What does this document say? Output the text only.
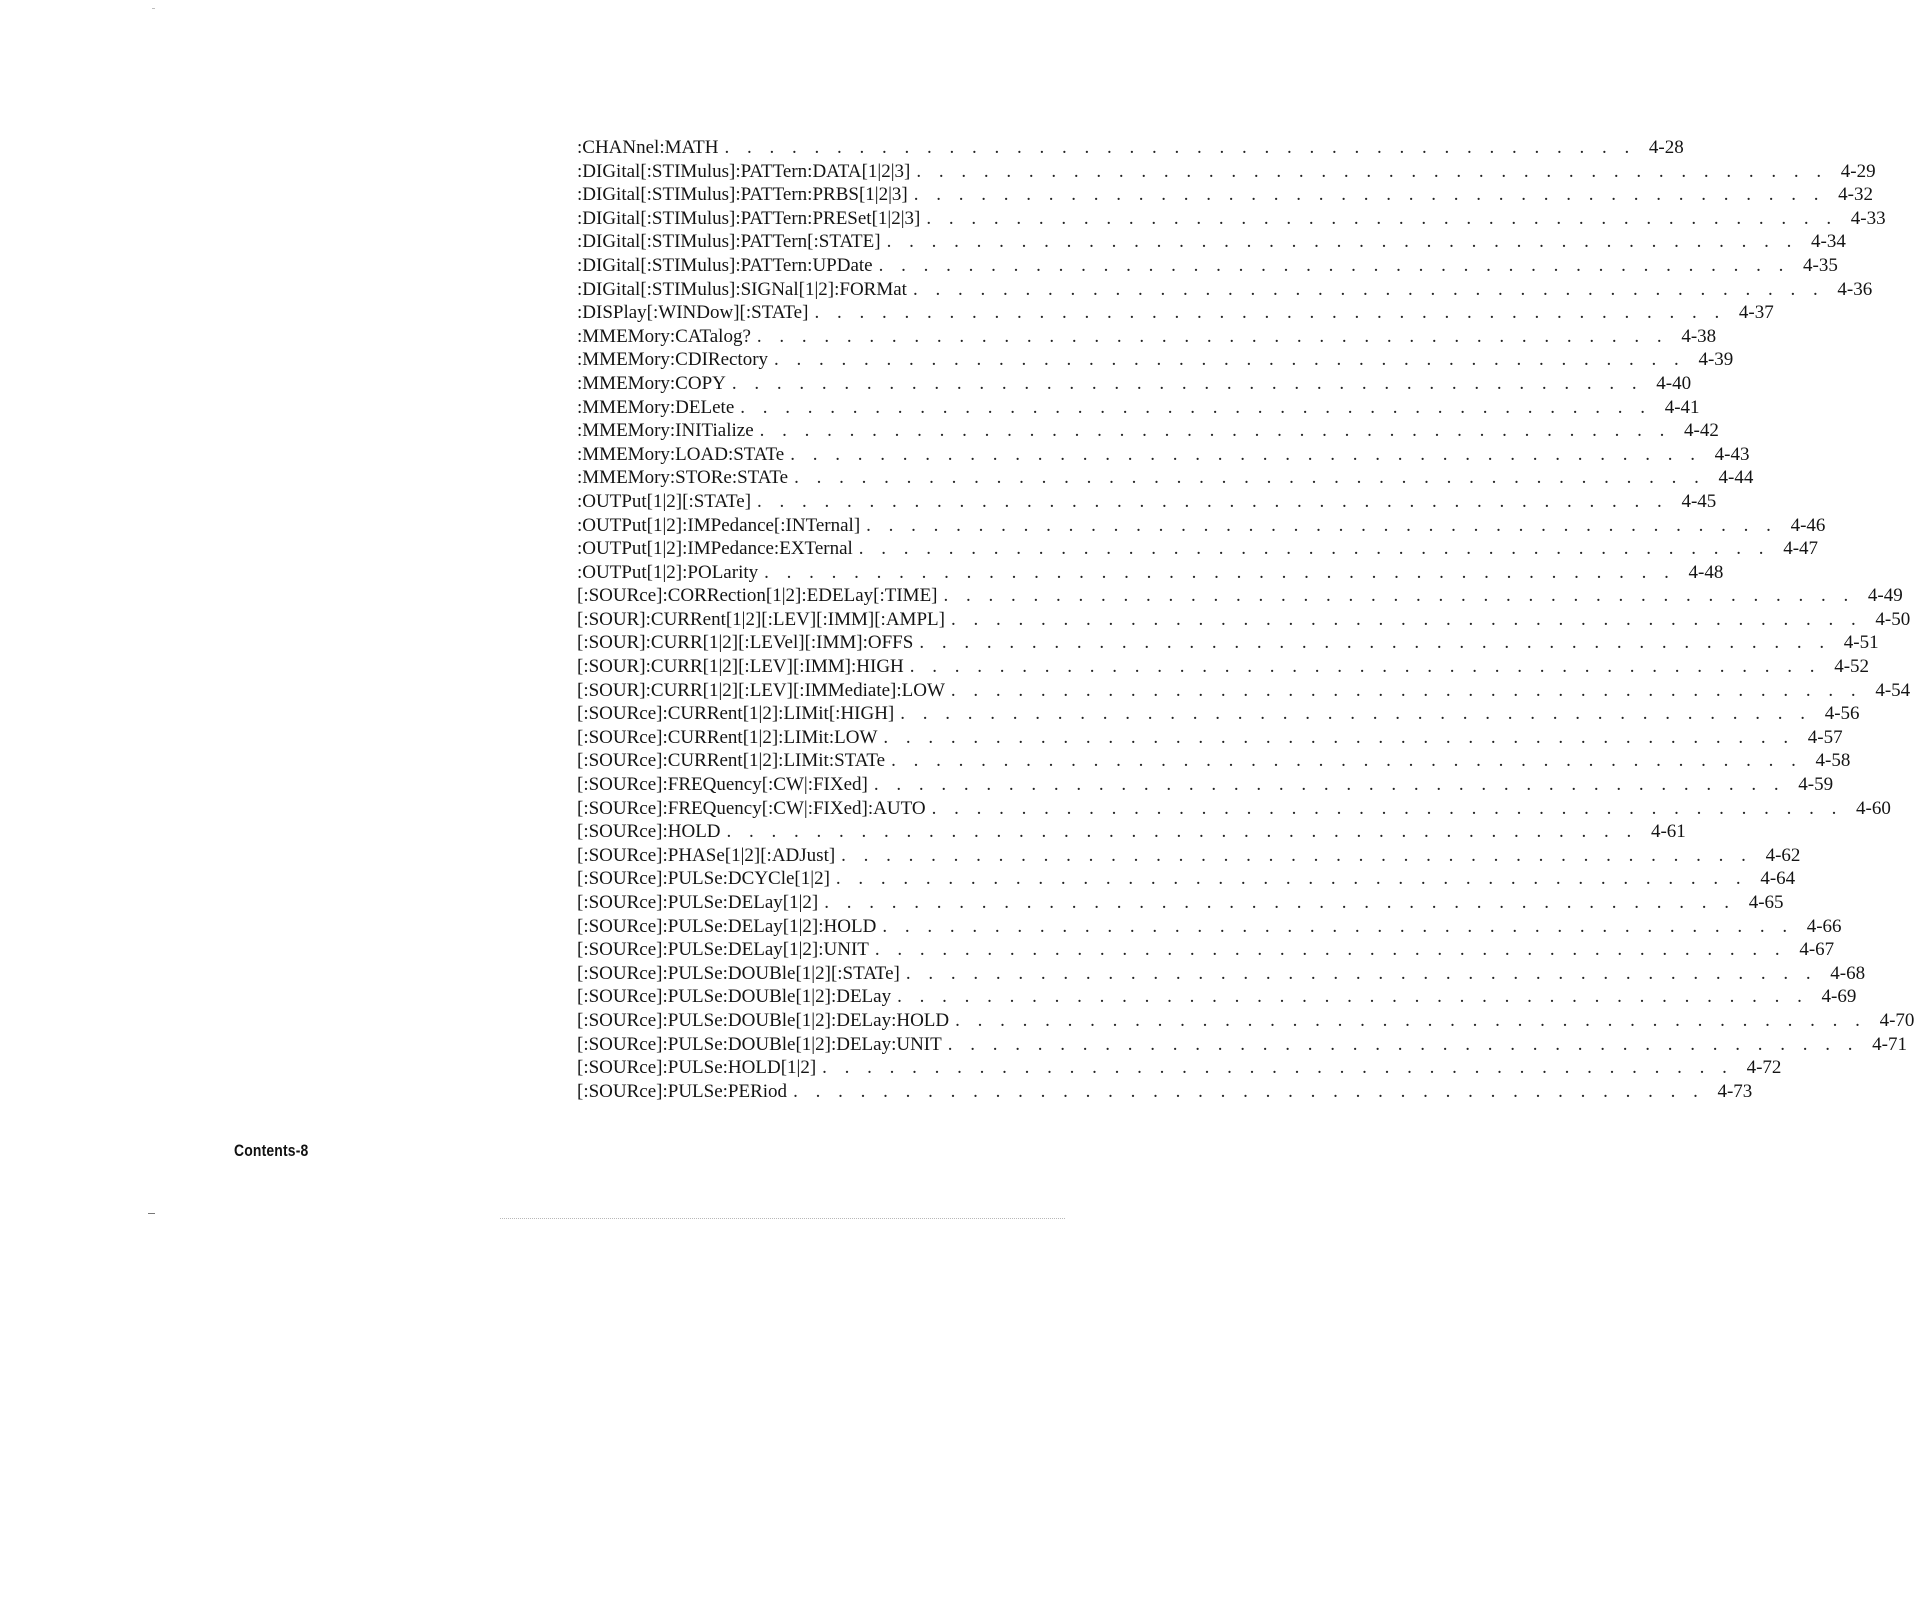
:CHANnel:MATH . . . . . . . . . . . . . . . . . . . . . . . . . . . . . . . . . . . . . . . . . 4-28
:DIGital[:STIMulus]:PATTern:DATA[1|2|3] . . . . . . . . . . . . . . . . . . . . . . . . . . . . . . . . . . . . . . . . . 4-29
:DIGital[:STIMulus]:PATTern:PRBS[1|2|3] . . . . . . . . . . . . . . . . . . . . . . . . . . . . . . . . . . . . . . . . . 4-32
:DIGital[:STIMulus]:PATTern:PRESet[1|2|3] . . . . . . . . . . . . . . . . . . . . . . . . . . . . . . . . . . . . . . . . . 4-33
:DIGital[:STIMulus]:PATTern[:STATE] . . . . . . . . . . . . . . . . . . . . . . . . . . . . . . . . . . . . . . . . . 4-34
:DIGital[:STIMulus]:PATTern:UPDate . . . . . . . . . . . . . . . . . . . . . . . . . . . . . . . . . . . . . . . . . 4-35
:DIGital[:STIMulus]:SIGNal[1|2]:FORMat . . . . . . . . . . . . . . . . . . . . . . . . . . . . . . . . . . . . . . . . . 4-36
:DISPlay[:WINDow][:STATe] . . . . . . . . . . . . . . . . . . . . . . . . . . . . . . . . . . . . . . . . . 4-37
:MMEMory:CATalog? . . . . . . . . . . . . . . . . . . . . . . . . . . . . . . . . . . . . . . . . . 4-38
:MMEMory:CDIRectory . . . . . . . . . . . . . . . . . . . . . . . . . . . . . . . . . . . . . . . . . 4-39
:MMEMory:COPY . . . . . . . . . . . . . . . . . . . . . . . . . . . . . . . . . . . . . . . . . 4-40
:MMEMory:DELete . . . . . . . . . . . . . . . . . . . . . . . . . . . . . . . . . . . . . . . . . 4-41
:MMEMory:INITialize . . . . . . . . . . . . . . . . . . . . . . . . . . . . . . . . . . . . . . . . . 4-42
:MMEMory:LOAD:STATe . . . . . . . . . . . . . . . . . . . . . . . . . . . . . . . . . . . . . . . . . 4-43
:MMEMory:STORe:STATe . . . . . . . . . . . . . . . . . . . . . . . . . . . . . . . . . . . . . . . . . 4-44
:OUTPut[1|2][:STATe] . . . . . . . . . . . . . . . . . . . . . . . . . . . . . . . . . . . . . . . . . 4-45
:OUTPut[1|2]:IMPedance[:INTernal] . . . . . . . . . . . . . . . . . . . . . . . . . . . . . . . . . . . . . . . . . 4-46
:OUTPut[1|2]:IMPedance:EXTernal . . . . . . . . . . . . . . . . . . . . . . . . . . . . . . . . . . . . . . . . . 4-47
:OUTPut[1|2]:POLarity . . . . . . . . . . . . . . . . . . . . . . . . . . . . . . . . . . . . . . . . . 4-48
[:SOURce]:CORRection[1|2]:EDELay[:TIME] . . . . . . . . . . . . . . . . . . . . . . . . . . . . . . . . . . . . . . . . . 4-49
[:SOUR]:CURRent[1|2][:LEV][:IMM][:AMPL] . . . . . . . . . . . . . . . . . . . . . . . . . . . . . . . . . . . . . . . . . 4-50
[:SOUR]:CURR[1|2][:LEVel][:IMM]:OFFS . . . . . . . . . . . . . . . . . . . . . . . . . . . . . . . . . . . . . . . . . 4-51
[:SOUR]:CURR[1|2][:LEV][:IMM]:HIGH . . . . . . . . . . . . . . . . . . . . . . . . . . . . . . . . . . . . . . . . . 4-52
[:SOUR]:CURR[1|2][:LEV][:IMMediate]:LOW . . . . . . . . . . . . . . . . . . . . . . . . . . . . . . . . . . . . . . . . . 4-54
[:SOURce]:CURRent[1|2]:LIMit[:HIGH] . . . . . . . . . . . . . . . . . . . . . . . . . . . . . . . . . . . . . . . . . 4-56
[:SOURce]:CURRent[1|2]:LIMit:LOW . . . . . . . . . . . . . . . . . . . . . . . . . . . . . . . . . . . . . . . . . 4-57
[:SOURce]:CURRent[1|2]:LIMit:STATe . . . . . . . . . . . . . . . . . . . . . . . . . . . . . . . . . . . . . . . . . 4-58
[:SOURce]:FREQuency[:CW|:FIXed] . . . . . . . . . . . . . . . . . . . . . . . . . . . . . . . . . . . . . . . . . 4-59
[:SOURce]:FREQuency[:CW|:FIXed]:AUTO . . . . . . . . . . . . . . . . . . . . . . . . . . . . . . . . . . . . . . . . . 4-60
[:SOURce]:HOLD . . . . . . . . . . . . . . . . . . . . . . . . . . . . . . . . . . . . . . . . . 4-61
[:SOURce]:PHASe[1|2][:ADJust] . . . . . . . . . . . . . . . . . . . . . . . . . . . . . . . . . . . . . . . . . 4-62
[:SOURce]:PULSe:DCYCle[1|2] . . . . . . . . . . . . . . . . . . . . . . . . . . . . . . . . . . . . . . . . . 4-64
[:SOURce]:PULSe:DELay[1|2] . . . . . . . . . . . . . . . . . . . . . . . . . . . . . . . . . . . . . . . . . 4-65
[:SOURce]:PULSe:DELay[1|2]:HOLD . . . . . . . . . . . . . . . . . . . . . . . . . . . . . . . . . . . . . . . . . 4-66
[:SOURce]:PULSe:DELay[1|2]:UNIT . . . . . . . . . . . . . . . . . . . . . . . . . . . . . . . . . . . . . . . . . 4-67
[:SOURce]:PULSe:DOUBle[1|2][:STATe] . . . . . . . . . . . . . . . . . . . . . . . . . . . . . . . . . . . . . . . . . 4-68
[:SOURce]:PULSe:DOUBle[1|2]:DELay . . . . . . . . . . . . . . . . . . . . . . . . . . . . . . . . . . . . . . . . . 4-69
[:SOURce]:PULSe:DOUBle[1|2]:DELay:HOLD . . . . . . . . . . . . . . . . . . . . . . . . . . . . . . . . . . . . . . . . . 4-70
[:SOURce]:PULSe:DOUBle[1|2]:DELay:UNIT . . . . . . . . . . . . . . . . . . . . . . . . . . . . . . . . . . . . . . . . . 4-71
[:SOURce]:PULSe:HOLD[1|2] . . . . . . . . . . . . . . . . . . . . . . . . . . . . . . . . . . . . . . . . . 4-72
[:SOURce]:PULSe:PERiod . . . . . . . . . . . . . . . . . . . . . . . . . . . . . . . . . . . . . . . . . 4-73
Contents-8
